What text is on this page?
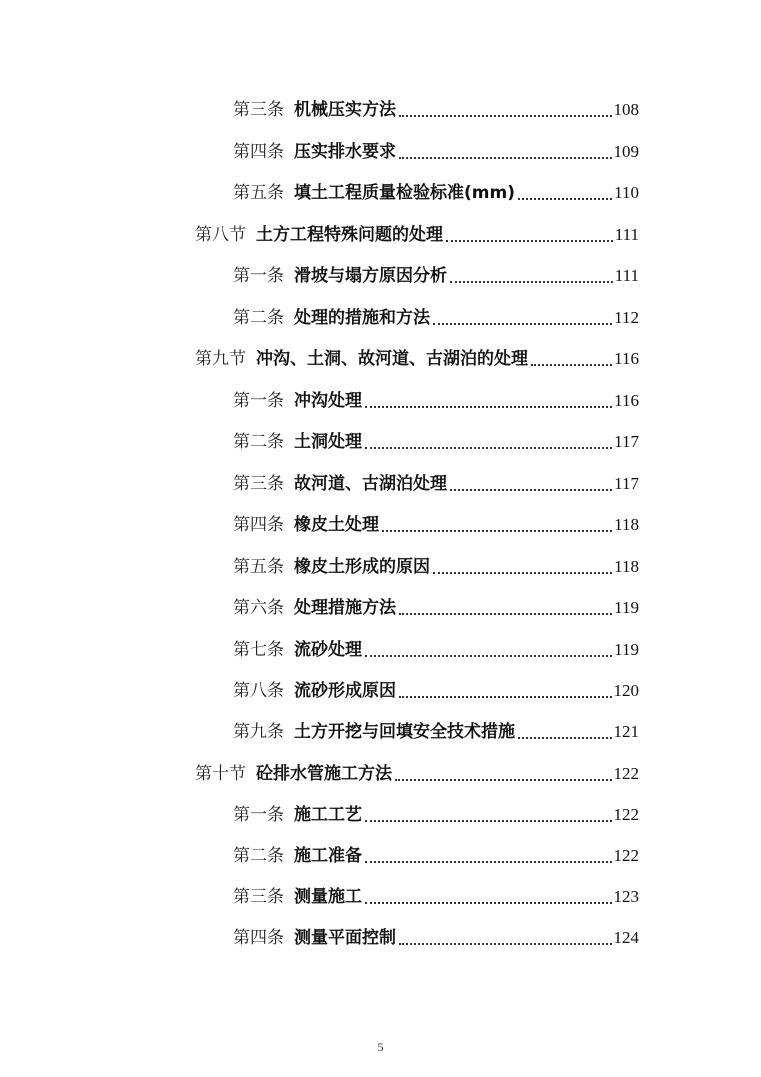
第三条 机械压实方法	108
第四条 压实排水要求	109
第五条 填土工程质量检验标准(mm)	110
第八节 土方工程特殊问题的处理	111
第一条 滑坡与塌方原因分析	111
第二条 处理的措施和方法	112
第九节 冲沟、土洞、故河道、古湖泊的处理	116
第一条 冲沟处理	116
第二条 土洞处理	117
第三条 故河道、古湖泊处理	117
第四条 橡皮土处理	118
第五条 橡皮土形成的原因	118
第六条 处理措施方法	119
第七条 流砂处理	119
第八条 流砂形成原因	120
第九条 土方开挖与回填安全技术措施	121
第十节 砼排水管施工方法	122
第一条 施工工艺	122
第二条 施工准备	122
第三条 测量施工	123
第四条 测量平面控制	124
5
